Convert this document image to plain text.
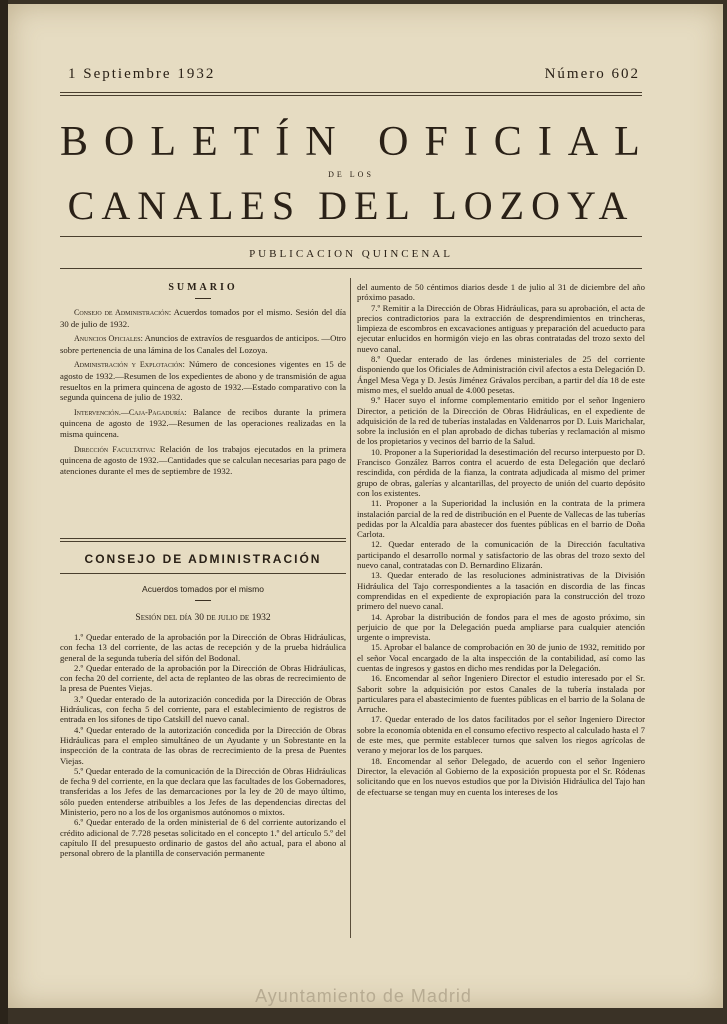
1 Septiembre 1932	Número 602
BOLETÍN OFICIAL
DE LOS
CANALES DEL LOZOYA
PUBLICACION QUINCENAL
SUMARIO

Consejo de Administración: Acuerdos tomados por el mismo. Sesión del día 30 de julio de 1932.

Anuncios Oficiales: Anuncios de extravíos de resguardos de anticipos. —Otro sobre pertenencia de una lámina de los Canales del Lozoya.

Administración y Explotación: Número de concesiones vigentes en 15 de agosto de 1932.—Resumen de los expedientes de abono y de transmisión de agua resueltos en la primera quincena de agosto de 1932.—Estado comparativo con la segunda quincena de julio de 1932.

Intervención.—Caja-Pagaduría: Balance de recibos durante la primera quincena de agosto de 1932.—Resumen de las operaciones realizadas en la misma quincena.

Dirección Facultativa: Relación de los trabajos ejecutados en la primera quincena de agosto de 1932.—Cantidades que se calculan necesarias para pago de atenciones durante el mes de septiembre de 1932.

CONSEJO DE ADMINISTRACIÓN
Acuerdos tomados por el mismo
Sesión del día 30 de julio de 1932

1.º Quedar enterado de la aprobación por la Dirección de Obras Hidráulicas, con fecha 13 del corriente, de las actas de recepción y de la prueba hidráulica general de la segunda tubería del sifón del Bodonal.

2.º Quedar enterado de la aprobación por la Dirección de Obras Hidráulicas, con fecha 20 del corriente, del acta de replanteo de las obras de recrecimiento de la presa de Puentes Viejas.

3.º Quedar enterado de la autorización concedida por la Dirección de Obras Hidráulicas, con fecha 5 del corriente, para el establecimiento de registros de entrada en los sifones de tipo Catskill del nuevo canal.

4.º Quedar enterado de la autorización concedida por la Dirección de Obras Hidráulicas para el empleo simultáneo de un Ayudante y un Sobrestante en la inspección de la contrata de las obras de recrecimiento de la presa de Puentes Viejas.

5.º Quedar enterado de la comunicación de la Dirección de Obras Hidráulicas de fecha 9 del corriente, en la que declara que las facultades de los Gobernadores, transferidas a los Jefes de las demarcaciones por la ley de 20 de mayo último, sólo pueden entenderse atribuibles a los Jefes de las dependencias directas del Ministerio, pero no a los de los organismos autónomos o mixtos.

6.º Quedar enterado de la orden ministerial de 6 del corriente autorizando el crédito adicional de 7.728 pesetas solicitado en el concepto 1.º del artículo 5.º del capítulo II del presupuesto ordinario de gastos del año actual, para el abono al personal obrero de la plantilla de conservación permanente

del aumento de 50 céntimos diarios desde 1 de julio al 31 de diciembre del año próximo pasado.

7.º Remitir a la Dirección de Obras Hidráulicas, para su aprobación, el acta de precios contradictorios para la extracción de desprendimientos en trincheras, limpieza de escombros en excavaciones antiguas y preparación del acueducto para ejecutar enlucidos en hormigón viejo en las obras contratadas del trozo sexto del nuevo canal.

8.º Quedar enterado de las órdenes ministeriales de 25 del corriente disponiendo que los Oficiales de Administración civil afectos a esta Delegación D. Ángel Mesa Vega y D. Jesús Jiménez Grávalos perciban, a partir del día 18 de este mismo mes, el sueldo anual de 4.000 pesetas.

9.º Hacer suyo el informe complementario emitido por el señor Ingeniero Director, a petición de la Dirección de Obras Hidráulicas, en el expediente de adquisición de la red de tuberías instaladas en Valdenarros por D. Luis Marichalar, sobre la inclusión en el plan aprobado de dichas tuberías y reclamación al mismo de los propietarios y vecinos del barrio de la Salud.

10. Proponer a la Superioridad la desestimación del recurso interpuesto por D. Francisco González Barros contra el acuerdo de esta Delegación que declaró rescindida, con pérdida de la fianza, la contrata adjudicada al mismo del primer grupo de obras, galerías y alcantarillas, del proyecto de unión del cuarto depósito con los existentes.

11. Proponer a la Superioridad la inclusión en la contrata de la primera instalación parcial de la red de distribución en el Puente de Vallecas de las tuberías pedidas por la Alcaldía para abastecer dos fuentes públicas en el barrio de Doña Carlota.

12. Quedar enterado de la comunicación de la Dirección facultativa participando el desarrollo normal y satisfactorio de las obras del trozo sexto del nuevo canal, contratadas con D. Bernardino Elizarán.

13. Quedar enterado de las resoluciones administrativas de la División Hidráulica del Tajo correspondientes a la tasación en discordia de las fincas comprendidas en el expediente de expropiación para la construcción del trozo primero del nuevo canal.

14. Aprobar la distribución de fondos para el mes de agosto próximo, sin perjuicio de que por la Delegación pueda ampliarse para cualquier atención urgente o imprevista.

15. Aprobar el balance de comprobación en 30 de junio de 1932, remitido por el señor Vocal encargado de la alta inspección de la contabilidad, así como las cuentas de ingresos y gastos en dicho mes rendidas por la Delegación.

16. Encomendar al señor Ingeniero Director el estudio interesado por el Sr. Saborit sobre la adquisición por estos Canales de la tubería instalada por particulares para el abastecimiento de fuentes públicas en el barrio de la Solana de Arruche.

17. Quedar enterado de los datos facilitados por el señor Ingeniero Director sobre la economía obtenida en el consumo efectivo respecto al calculado hasta el 7 de este mes, que permite establecer turnos que salven los riegos agrícolas de verano y mejorar los de los parques.

18. Encomendar al señor Delegado, de acuerdo con el señor Ingeniero Director, la elevación al Gobierno de la exposición propuesta por el Sr. Ródenas solicitando que en los nuevos estudios que por la División Hidráulica del Tajo han de efectuarse se tengan muy en cuenta los intereses de los

Ayuntamiento de Madrid
